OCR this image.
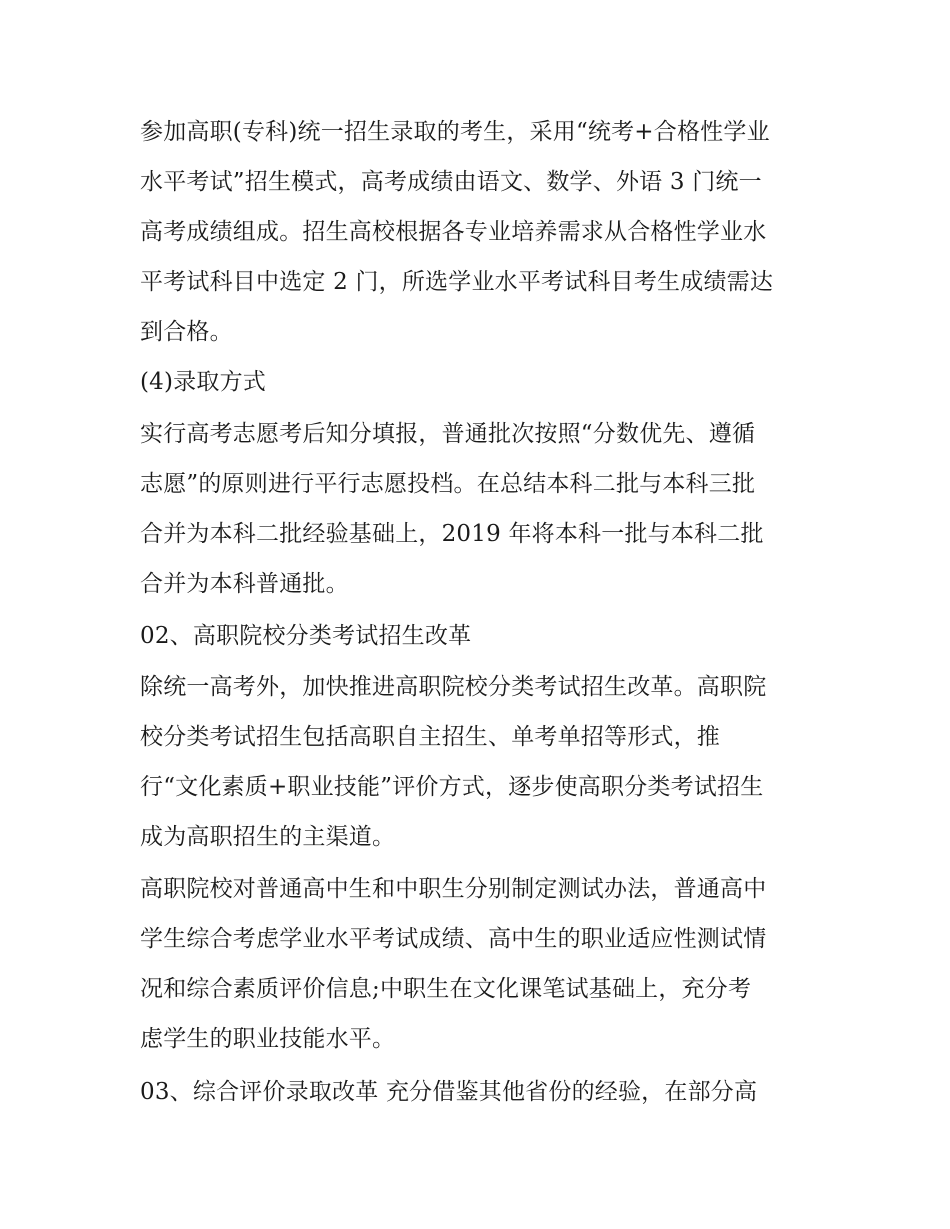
参加高职(专科)统一招生录取的考生，采用“统考+合格性学业
水平考试”招生模式，高考成绩由语文、数学、外语 3 门统一
高考成绩组成。招生高校根据各专业培养需求从合格性学业水
平考试科目中选定 2 门，所选学业水平考试科目考生成绩需达
到合格。
(4)录取方式
实行高考志愿考后知分填报，普通批次按照“分数优先、遵循
志愿”的原则进行平行志愿投档。在总结本科二批与本科三批
合并为本科二批经验基础上，2019 年将本科一批与本科二批
合并为本科普通批。
02、高职院校分类考试招生改革
除统一高考外，加快推进高职院校分类考试招生改革。高职院
校分类考试招生包括高职自主招生、单考单招等形式，推
行“文化素质+职业技能”评价方式，逐步使高职分类考试招生
成为高职招生的主渠道。
高职院校对普通高中生和中职生分别制定测试办法，普通高中
学生综合考虑学业水平考试成绩、高中生的职业适应性测试情
况和综合素质评价信息;中职生在文化课笔试基础上，充分考
虑学生的职业技能水平。
03、综合评价录取改革 充分借鉴其他省份的经验，在部分高
